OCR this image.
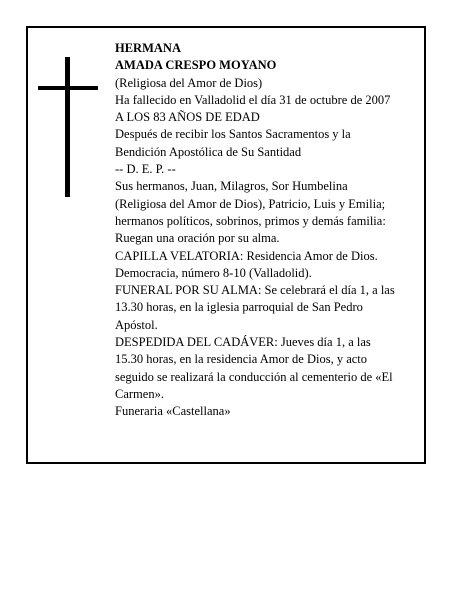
HERMANA
AMADA CRESPO MOYANO
(Religiosa del Amor de Dios)
Ha fallecido en Valladolid el día 31 de octubre de 2007
A LOS 83 AÑOS DE EDAD
Después de recibir los Santos Sacramentos y la
Bendición Apostólica de Su Santidad
-- D. E. P. --
Sus hermanos, Juan, Milagros, Sor Humbelina
(Religiosa del Amor de Dios), Patricio, Luis y Emilia;
hermanos políticos, sobrinos, primos y demás familia:
Ruegan una oración por su alma.
CAPILLA VELATORIA: Residencia Amor de Dios.
Democracia, número 8-10 (Valladolid).
FUNERAL POR SU ALMA: Se celebrará el día 1, a las
13.30 horas, en la iglesia parroquial de San Pedro
Apóstol.
DESPEDIDA DEL CADÁVER: Jueves día 1, a las
15.30 horas, en la residencia Amor de Dios, y acto
seguido se realizará la conducción al cementerio de «El
Carmen».
Funeraria «Castellana»
